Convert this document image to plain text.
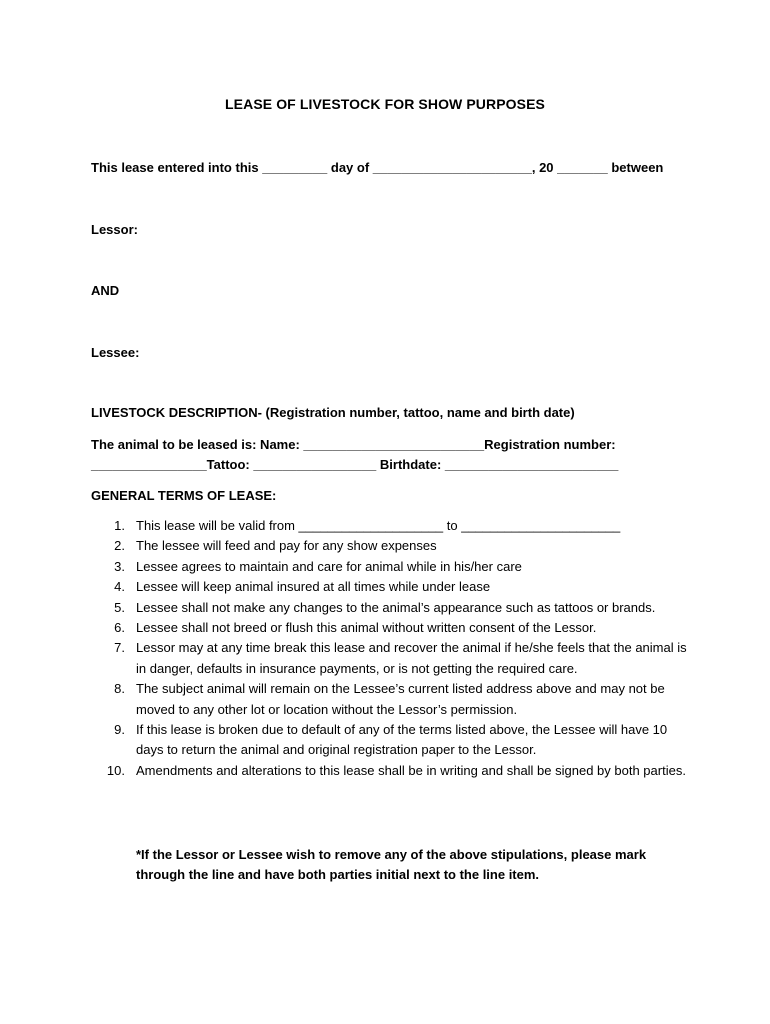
LEASE OF LIVESTOCK FOR SHOW PURPOSES
This lease entered into this _________ day of ______________________, 20 _______ between
Lessor:
AND
Lessee:
LIVESTOCK DESCRIPTION- (Registration number, tattoo, name and birth date)
The animal to be leased is: Name: _________________________Registration number:
________________Tattoo: _________________ Birthdate: ________________________
GENERAL TERMS OF LEASE:
1. This lease will be valid from ____________________ to ______________________
2. The lessee will feed and pay for any show expenses
3. Lessee agrees to maintain and care for animal while in his/her care
4. Lessee will keep animal insured at all times while under lease
5. Lessee shall not make any changes to the animal’s appearance such as tattoos or brands.
6. Lessee shall not breed or flush this animal without written consent of the Lessor.
7. Lessor may at any time break this lease and recover the animal if he/she feels that the animal is in danger, defaults in insurance payments, or is not getting the required care.
8. The subject animal will remain on the Lessee’s current listed address above and may not be moved to any other lot or location without the Lessor’s permission.
9. If this lease is broken due to default of any of the terms listed above, the Lessee will have 10 days to return the animal and original registration paper to the Lessor.
10. Amendments and alterations to this lease shall be in writing and shall be signed by both parties.
*If the Lessor or Lessee wish to remove any of the above stipulations, please mark through the line and have both parties initial next to the line item.
